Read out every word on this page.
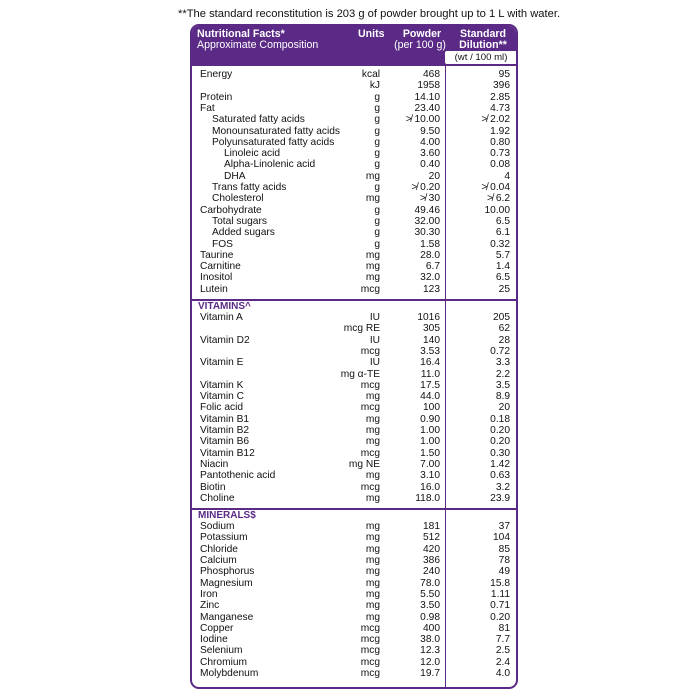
**The standard reconstitution is 203 g of powder brought up to 1 L with water.
Nutritional Facts*
Approximate Composition
Units Powder
(per 100 g)
Standard
Dilution**
(wt / 100 ml)
Energy	kcal	468	95
kJ	1958	396
Protein	g	14.10	2.85
Fat	g	23.40	4.73
Saturated fatty acids	g	≯ 10.00	≯ 2.02
Monounsaturated fatty acids	g	9.50	1.92
Polyunsaturated fatty acids	g	4.00	0.80
Linoleic acid	g	3.60	0.73
Alpha-Linolenic acid	g	0.40	0.08
DHA	mg	20	4
Trans fatty acids	g	≯ 0.20	≯ 0.04
Cholesterol	mg	≯ 30	≯ 6.2
Carbohydrate	g	49.46	10.00
Total sugars	g	32.00	6.5
Added sugars	g	30.30	6.1
FOS	g	1.58	0.32
Taurine	mg	28.0	5.7
Carnitine	mg	6.7	1.4
Inositol	mg	32.0	6.5
Lutein	mcg	123	25
VITAMINS^
Vitamin A	IU	1016	205
mcg RE	305	62
Vitamin D2	IU	140	28
mcg	3.53	0.72
Vitamin E	IU	16.4	3.3
mg α-TE	11.0	2.2
Vitamin K	mcg	17.5	3.5
Vitamin C	mg	44.0	8.9
Folic acid	mcg	100	20
Vitamin B1	mg	0.90	0.18
Vitamin B2	mg	1.00	0.20
Vitamin B6	mg	1.00	0.20
Vitamin B12	mcg	1.50	0.30
Niacin	mg NE	7.00	1.42
Pantothenic acid	mg	3.10	0.63
Biotin	mcg	16.0	3.2
Choline	mg	118.0	23.9
MINERALS$
Sodium	mg	181	37
Potassium	mg	512	104
Chloride	mg	420	85
Calcium	mg	386	78
Phosphorus	mg	240	49
Magnesium	mg	78.0	15.8
Iron	mg	5.50	1.11
Zinc	mg	3.50	0.71
Manganese	mg	0.98	0.20
Copper	mcg	400	81
Iodine	mcg	38.0	7.7
Selenium	mcg	12.3	2.5
Chromium	mcg	12.0	2.4
Molybdenum	mcg	19.7	4.0
